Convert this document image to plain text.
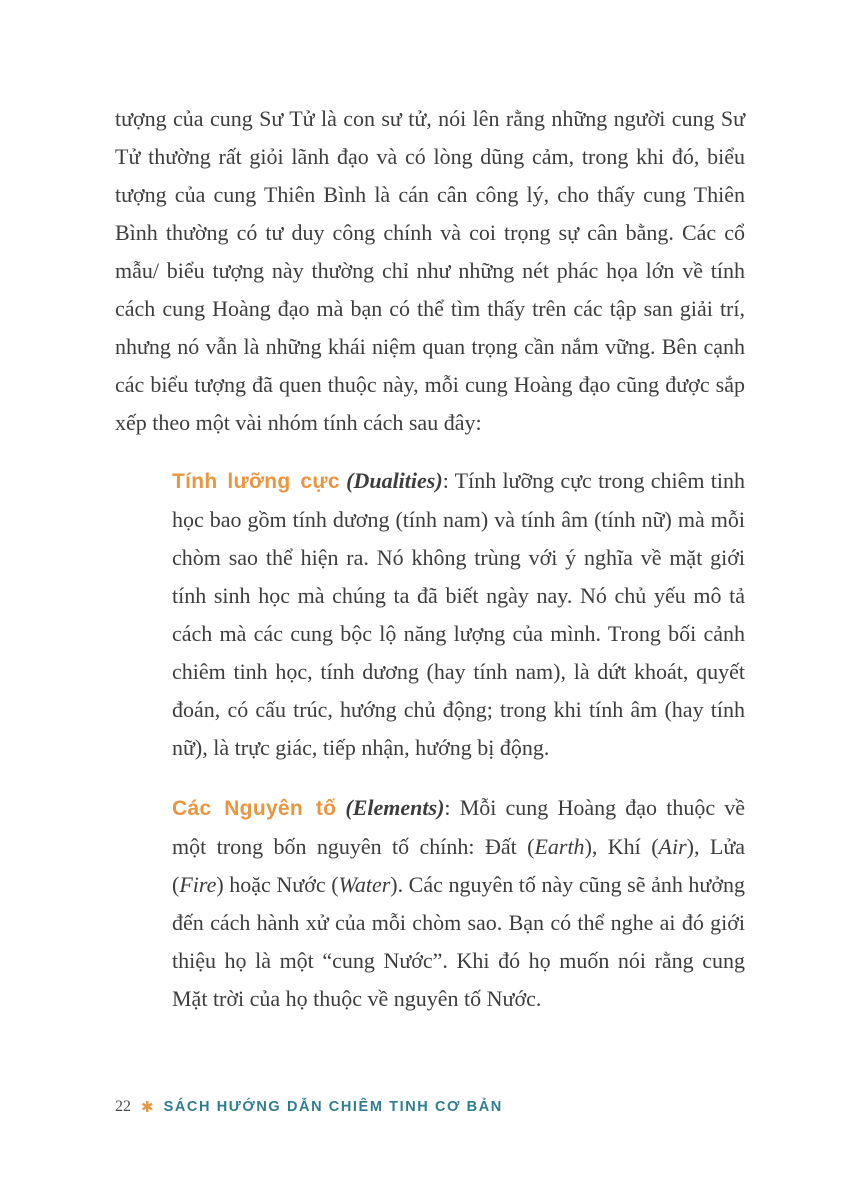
tượng của cung Sư Tử là con sư tử, nói lên rằng những người cung Sư Tử thường rất giỏi lãnh đạo và có lòng dũng cảm, trong khi đó, biểu tượng của cung Thiên Bình là cán cân công lý, cho thấy cung Thiên Bình thường có tư duy công chính và coi trọng sự cân bằng. Các cổ mẫu/ biểu tượng này thường chỉ như những nét phác họa lớn về tính cách cung Hoàng đạo mà bạn có thể tìm thấy trên các tập san giải trí, nhưng nó vẫn là những khái niệm quan trọng cần nắm vững. Bên cạnh các biểu tượng đã quen thuộc này, mỗi cung Hoàng đạo cũng được sắp xếp theo một vài nhóm tính cách sau đây:

Tính lưỡng cực (Dualities): Tính lưỡng cực trong chiêm tinh học bao gồm tính dương (tính nam) và tính âm (tính nữ) mà mỗi chòm sao thể hiện ra. Nó không trùng với ý nghĩa về mặt giới tính sinh học mà chúng ta đã biết ngày nay. Nó chủ yếu mô tả cách mà các cung bộc lộ năng lượng của mình. Trong bối cảnh chiêm tinh học, tính dương (hay tính nam), là dứt khoát, quyết đoán, có cấu trúc, hướng chủ động; trong khi tính âm (hay tính nữ), là trực giác, tiếp nhận, hướng bị động.

Các Nguyên tố (Elements): Mỗi cung Hoàng đạo thuộc về một trong bốn nguyên tố chính: Đất (Earth), Khí (Air), Lửa (Fire) hoặc Nước (Water). Các nguyên tố này cũng sẽ ảnh hưởng đến cách hành xử của mỗi chòm sao. Bạn có thể nghe ai đó giới thiệu họ là một “cung Nước”. Khi đó họ muốn nói rằng cung Mặt trời của họ thuộc về nguyên tố Nước.

22 ✱ SÁCH HƯỚNG DẪN CHIÊM TINH CƠ BẢN
